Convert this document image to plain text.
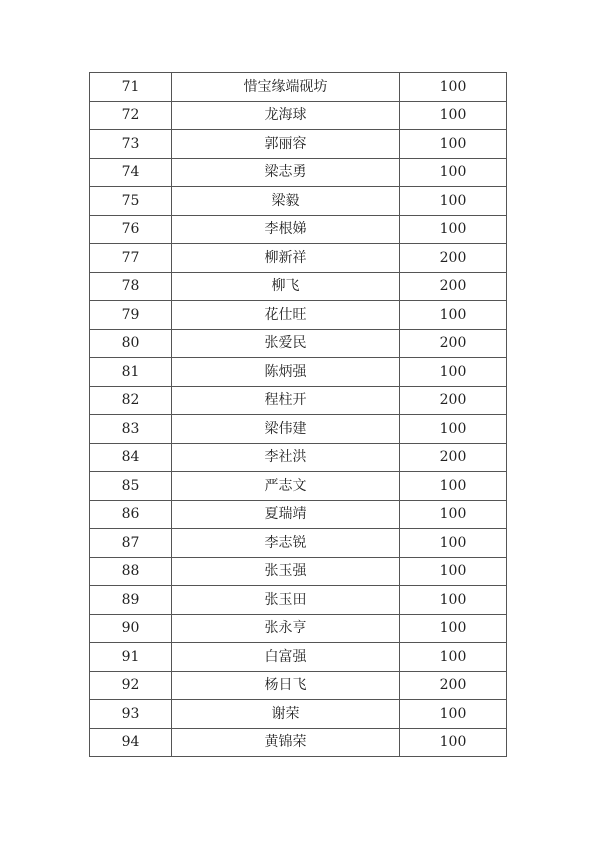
71	惜宝缘端砚坊	100
72	龙海球	100
73	郭丽容	100
74	梁志勇	100
75	梁毅	100
76	李根娣	100
77	柳新祥	200
78	柳飞	200
79	花仕旺	100
80	张爱民	200
81	陈炳强	100
82	程柱开	200
83	梁伟建	100
84	李社洪	200
85	严志文	100
86	夏瑞靖	100
87	李志锐	100
88	张玉强	100
89	张玉田	100
90	张永亨	100
91	白富强	100
92	杨日飞	200
93	谢荣	100
94	黄锦荣	100
